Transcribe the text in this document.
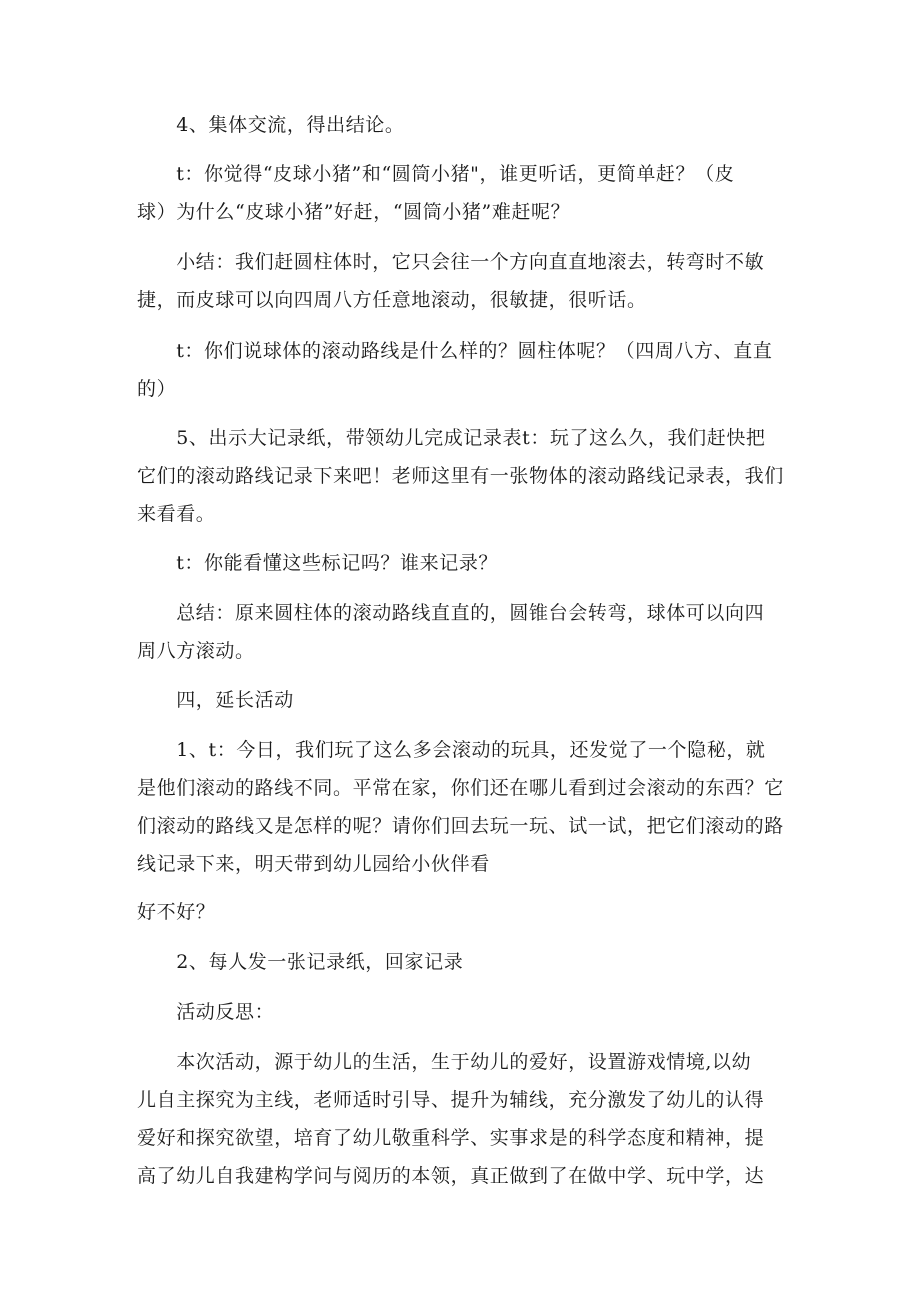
　　4、集体交流，得出结论。

　　t：你觉得“皮球小猪”和“圆筒小猪"，谁更听话，更简单赶？（皮
球）为什么“皮球小猪”好赶，“圆筒小猪”难赶呢？

　　小结：我们赶圆柱体时，它只会往一个方向直直地滚去，转弯时不敏
捷，而皮球可以向四周八方任意地滚动，很敏捷，很听话。

　　t：你们说球体的滚动路线是什么样的？圆柱体呢？（四周八方、直直
的）

　　5、出示大记录纸，带领幼儿完成记录表t：玩了这么久，我们赶快把
它们的滚动路线记录下来吧！老师这里有一张物体的滚动路线记录表，我们
来看看。

　　t：你能看懂这些标记吗？谁来记录？

　　总结：原来圆柱体的滚动路线直直的，圆锥台会转弯，球体可以向四
周八方滚动。

　　四，延长活动

　　1、t：今日，我们玩了这么多会滚动的玩具，还发觉了一个隐秘，就
是他们滚动的路线不同。平常在家，你们还在哪儿看到过会滚动的东西？它
们滚动的路线又是怎样的呢？请你们回去玩一玩、试一试，把它们滚动的路
线记录下来，明天带到幼儿园给小伙伴看

好不好？

　　2、每人发一张记录纸，回家记录

　　活动反思：

　　本次活动，源于幼儿的生活，生于幼儿的爱好，设置游戏情境,以幼
儿自主探究为主线，老师适时引导、提升为辅线，充分激发了幼儿的认得
爱好和探究欲望，培育了幼儿敬重科学、实事求是的科学态度和精神，提
高了幼儿自我建构学问与阅历的本领，真正做到了在做中学、玩中学，达
